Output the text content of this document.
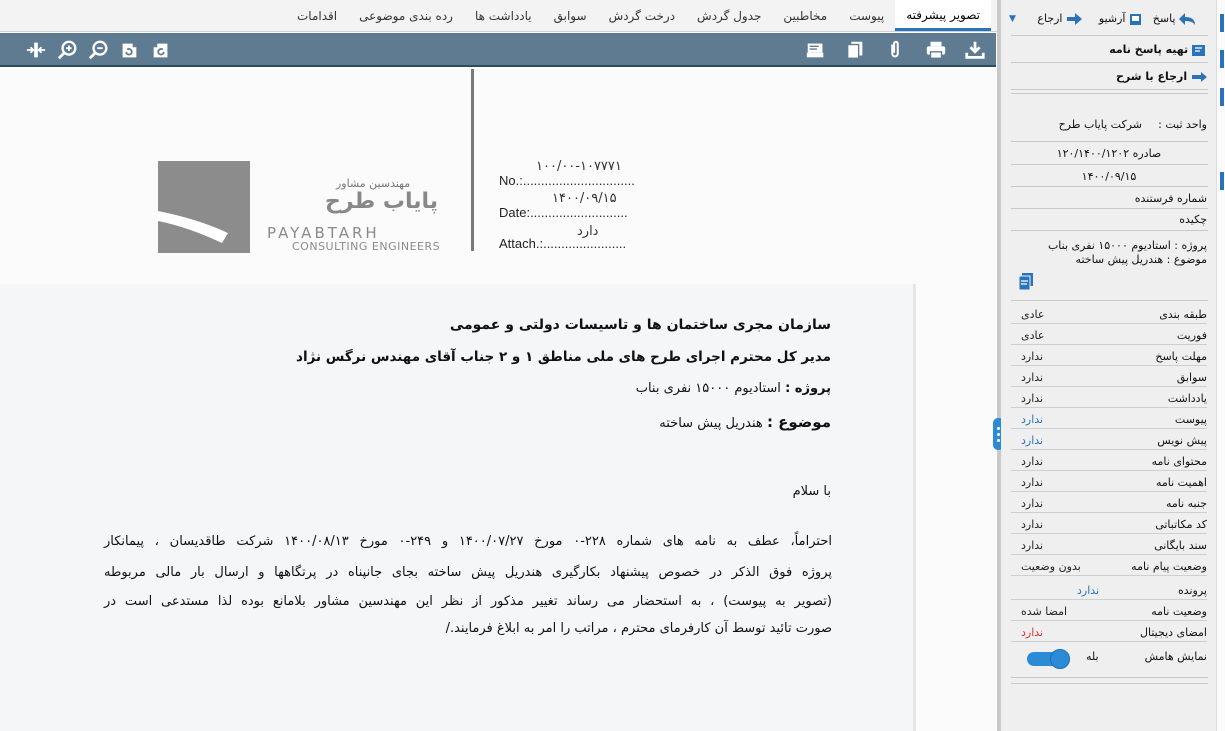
تصویر پیشرفته
پیوست
مخاطبین
جدول گردش
درخت گردش
سوابق
یادداشت ها
رده بندی موضوعی
اقدامات
مهندسین مشاور
پایاب طرح
PAYABTARH
CONSULTING ENGINEERS
No.:...............................
Date:...........................
Attach.:.......................
۱۰۰/۰۰-۱۰۷۷۷۱
۱۴۰۰/۰۹/۱۵
دارد
سازمان مجری ساختمان ها و تاسیسات دولتی و عمومی
مدیر کل محترم اجرای طرح های ملی مناطق ۱ و ۲ جناب آقای مهندس نرگس نژاد
پروژه : استادیوم ۱۵۰۰۰ نفری بناب
موضوع : هندریل پیش ساخته
با سلام
احتراماً، عطف به نامه های شماره ۲۲۸-۰ مورخ ۱۴۰۰/۰۷/۲۷ و ۲۴۹-۰ مورخ ۱۴۰۰/۰۸/۱۳ شرکت طاقدیسان ، پیمانکار
پروژه فوق الذکر در خصوص پیشنهاد بکارگیری هندریل پیش ساخته بجای جانپناه در پرتگاهها و ارسال بار مالی مربوطه
(تصویر به پیوست) ، به استحضار می رساند تغییر مذکور از نظر این مهندسین مشاور بلامانع بوده لذا مستدعی است در
صورت تائید توسط آن کارفرمای محترم ، مراتب را امر به ابلاغ فرمایند./
ارجاع	آرشیو	پاسخ
▼
تهیه پاسخ نامه
ارجاع با شرح
واحد ثبت :
شرکت پایاب طرح
صادره ۱۲۰/۱۴۰۰/۱۲۰۲
۱۴۰۰/۰۹/۱۵
شماره فرستنده
چکیده
پروژه : استادیوم ۱۵۰۰۰ نفری بناب
موضوع : هندریل پیش ساخته
طبقه بندی
عادی
فوریت
عادی
مهلت پاسخ
ندارد
سوابق
ندارد
یادداشت
ندارد
پیوست
ندارد
پیش نویس
ندارد
محتوای نامه
ندارد
اهمیت نامه
ندارد
جنبه نامه
ندارد
کد مکاتباتی
ندارد
سند بایگانی
ندارد
وضعیت پیام نامه
بدون وضعیت
پرونده
ندارد
وضعیت نامه
امضا شده
امضای دیجیتال
ندارد
نمایش هامش
بله
